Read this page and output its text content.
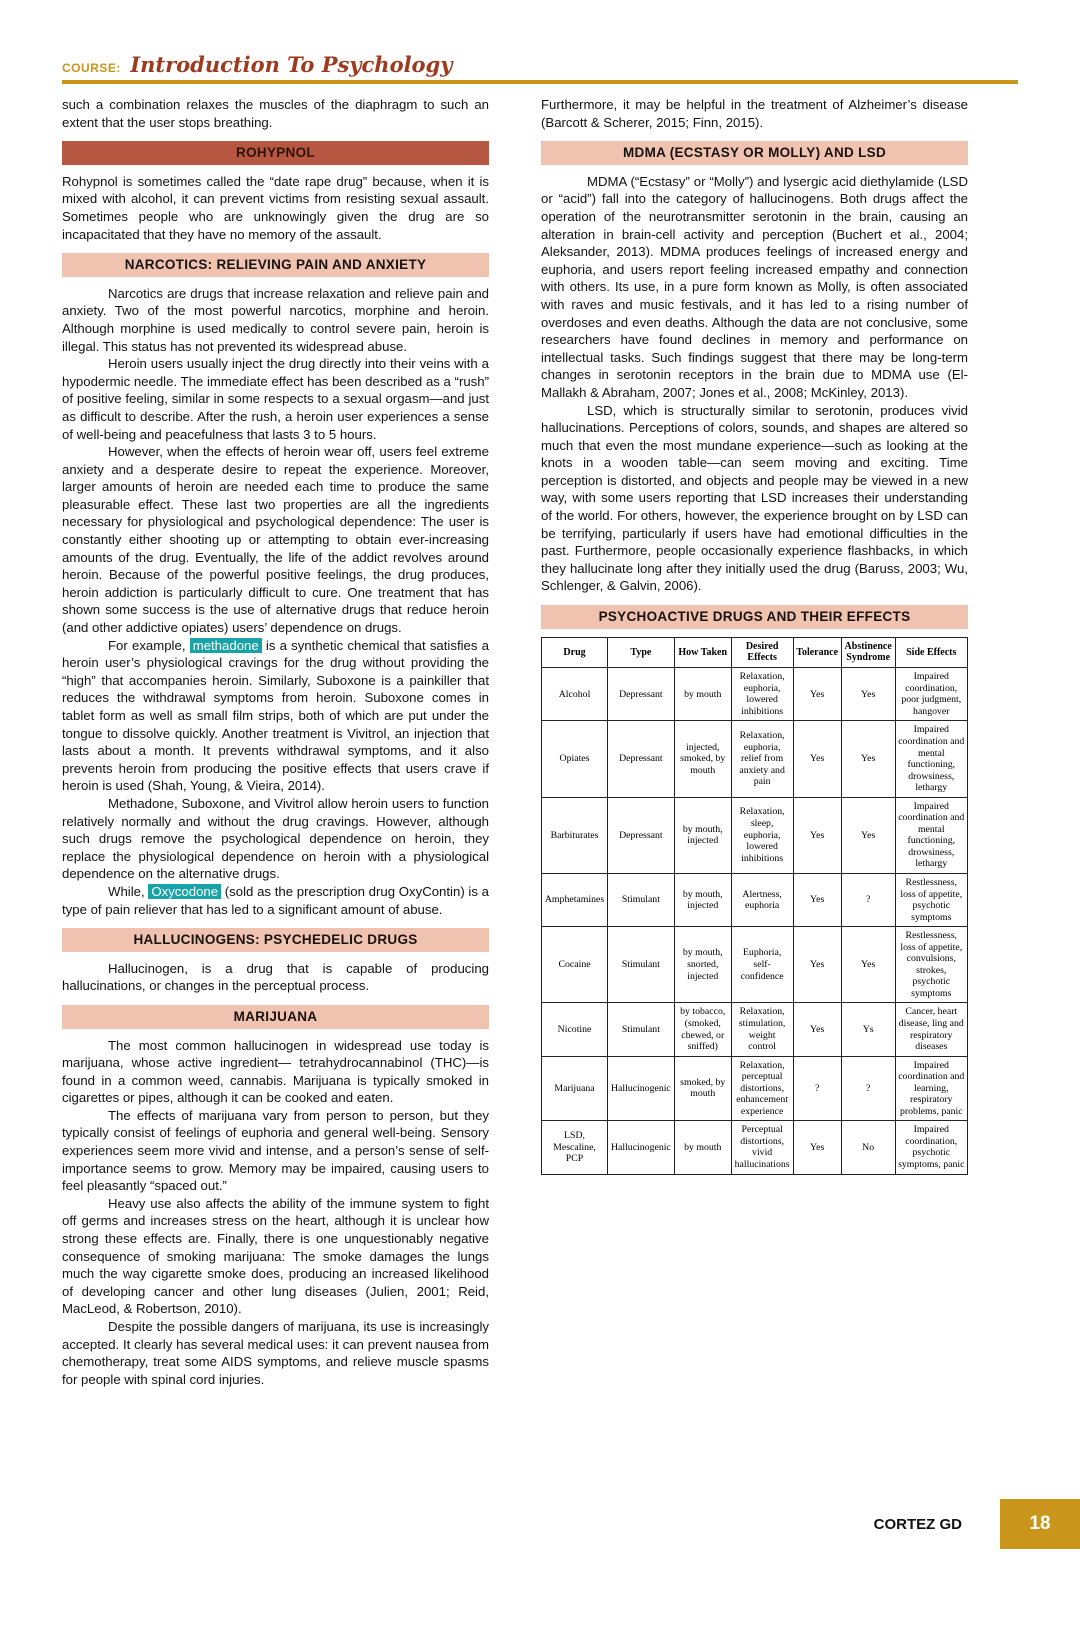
COURSE: Introduction To Psychology

such a combination relaxes the muscles of the diaphragm to such an extent that the user stops breathing.

ROHYPNOL

Rohypnol is sometimes called the “date rape drug” because, when it is mixed with alcohol, it can prevent victims from resisting sexual assault. Sometimes people who are unknowingly given the drug are so incapacitated that they have no memory of the assault.

NARCOTICS: RELIEVING PAIN AND ANXIETY

Narcotics are drugs that increase relaxation and relieve pain and anxiety. Two of the most powerful narcotics, morphine and heroin. Although morphine is used medically to control severe pain, heroin is illegal. This status has not prevented its widespread abuse.

Heroin users usually inject the drug directly into their veins with a hypodermic needle. The immediate effect has been described as a “rush” of positive feeling, similar in some respects to a sexual orgasm—and just as difficult to describe. After the rush, a heroin user experiences a sense of well-being and peacefulness that lasts 3 to 5 hours.

However, when the effects of heroin wear off, users feel extreme anxiety and a desperate desire to repeat the experience. Moreover, larger amounts of heroin are needed each time to produce the same pleasurable effect. These last two properties are all the ingredients necessary for physiological and psychological dependence: The user is constantly either shooting up or attempting to obtain ever-increasing amounts of the drug. Eventually, the life of the addict revolves around heroin. Because of the powerful positive feelings, the drug produces, heroin addiction is particularly difficult to cure. One treatment that has shown some success is the use of alternative drugs that reduce heroin (and other addictive opiates) users’ dependence on drugs.

For example, methadone is a synthetic chemical that satisfies a heroin user’s physiological cravings for the drug without providing the “high” that accompanies heroin. Similarly, Suboxone is a painkiller that reduces the withdrawal symptoms from heroin. Suboxone comes in tablet form as well as small film strips, both of which are put under the tongue to dissolve quickly. Another treatment is Vivitrol, an injection that lasts about a month. It prevents withdrawal symptoms, and it also prevents heroin from producing the positive effects that users crave if heroin is used (Shah, Young, & Vieira, 2014).

Methadone, Suboxone, and Vivitrol allow heroin users to function relatively normally and without the drug cravings. However, although such drugs remove the psychological dependence on heroin, they replace the physiological dependence on heroin with a physiological dependence on the alternative drugs.

While, Oxycodone (sold as the prescription drug OxyContin) is a type of pain reliever that has led to a significant amount of abuse.

HALLUCINOGENS: PSYCHEDELIC DRUGS

Hallucinogen, is a drug that is capable of producing hallucinations, or changes in the perceptual process.

MARIJUANA

The most common hallucinogen in widespread use today is marijuana, whose active ingredient— tetrahydrocannabinol (THC)—is found in a common weed, cannabis. Marijuana is typically smoked in cigarettes or pipes, although it can be cooked and eaten.

The effects of marijuana vary from person to person, but they typically consist of feelings of euphoria and general well-being. Sensory experiences seem more vivid and intense, and a person’s sense of self-importance seems to grow. Memory may be impaired, causing users to feel pleasantly “spaced out.”

Heavy use also affects the ability of the immune system to fight off germs and increases stress on the heart, although it is unclear how strong these effects are. Finally, there is one unquestionably negative consequence of smoking marijuana: The smoke damages the lungs much the way cigarette smoke does, producing an increased likelihood of developing cancer and other lung diseases (Julien, 2001; Reid, MacLeod, & Robertson, 2010).

Despite the possible dangers of marijuana, its use is increasingly accepted. It clearly has several medical uses: it can prevent nausea from chemotherapy, treat some AIDS symptoms, and relieve muscle spasms for people with spinal cord injuries.

Furthermore, it may be helpful in the treatment of Alzheimer’s disease (Barcott & Scherer, 2015; Finn, 2015).

MDMA (ECSTASY OR MOLLY) AND LSD

MDMA (“Ecstasy” or “Molly”) and lysergic acid diethylamide (LSD or “acid”) fall into the category of hallucinogens. Both drugs affect the operation of the neurotransmitter serotonin in the brain, causing an alteration in brain-cell activity and perception (Buchert et al., 2004; Aleksander, 2013). MDMA produces feelings of increased energy and euphoria, and users report feeling increased empathy and connection with others. Its use, in a pure form known as Molly, is often associated with raves and music festivals, and it has led to a rising number of overdoses and even deaths. Although the data are not conclusive, some researchers have found declines in memory and performance on intellectual tasks. Such findings suggest that there may be long-term changes in serotonin receptors in the brain due to MDMA use (El-Mallakh & Abraham, 2007; Jones et al., 2008; McKinley, 2013).

LSD, which is structurally similar to serotonin, produces vivid hallucinations. Perceptions of colors, sounds, and shapes are altered so much that even the most mundane experience—such as looking at the knots in a wooden table—can seem moving and exciting. Time perception is distorted, and objects and people may be viewed in a new way, with some users reporting that LSD increases their understanding of the world. For others, however, the experience brought on by LSD can be terrifying, particularly if users have had emotional difficulties in the past. Furthermore, people occasionally experience flashbacks, in which they hallucinate long after they initially used the drug (Baruss, 2003; Wu, Schlenger, & Galvin, 2006).

PSYCHOACTIVE DRUGS AND THEIR EFFECTS
Drug	Type	How Taken	Desired Effects	Tolerance	Abstinence Syndrome	Side Effects
Alcohol	Depressant	by mouth	Relaxation, euphoria, lowered inhibitions	Yes	Yes	Impaired coordination, poor judgment, hangover
Opiates	Depressant	injected, smoked, by mouth	Relaxation, euphoria, relief from anxiety and pain	Yes	Yes	Impaired coordination and mental functioning, drowsiness, lethargy
Barbiturates	Depressant	by mouth, injected	Relaxation, sleep, euphoria, lowered inhibitions	Yes	Yes	Impaired coordination and mental functioning, drowsiness, lethargy
Amphetamines	Stimulant	by mouth, injected	Alertness, euphoria	Yes	?	Restlessness, loss of appetite, psychotic symptoms
Cocaine	Stimulant	by mouth, snorted, injected	Euphoria, self-confidence	Yes	Yes	Restlessness, loss of appetite, convulsions, strokes, psychotic symptoms
Nicotine	Stimulant	by tobacco, (smoked, chewed, or sniffed)	Relaxation, stimulation, weight control	Yes	Ys	Cancer, heart disease, ling and respiratory diseases
Marijuana	Hallucinogenic	smoked, by mouth	Relaxation, perceptual distortions, enhancement experience	?	?	Impaired coordination and learning, respiratory problems, panic
LSD, Mescaline, PCP	Hallucinogenic	by mouth	Perceptual distortions, vivid hallucinations	Yes	No	Impaired coordination, psychotic symptoms, panic
CORTEZ GD	18
